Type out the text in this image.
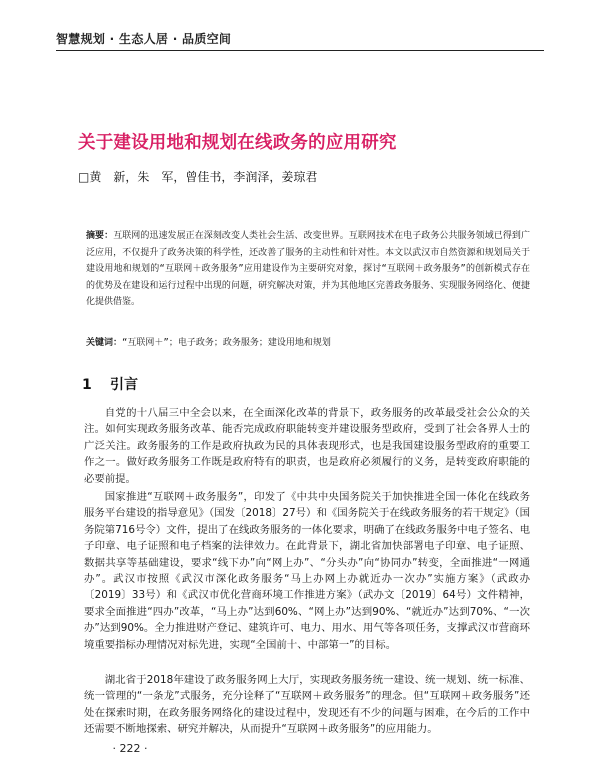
智慧规划 · 生态人居 · 品质空间
关于建设用地和规划在线政务的应用研究
□黄　新，朱　军，曾佳书，李润泽，姜琼君
摘要：互联网的迅速发展正在深刻改变人类社会生活、改变世界。互联网技术在电子政务公共服务领域已得到广泛应用，不仅提升了政务决策的科学性，还改善了服务的主动性和针对性。本文以武汉市自然资源和规划局关于建设用地和规划的“互联网＋政务服务”应用建设作为主要研究对象，探讨“互联网＋政务服务”的创新模式存在的优势及在建设和运行过程中出现的问题，研究解决对策，并为其他地区完善政务服务、实现服务网络化、便捷化提供借鉴。
关键词：“互联网＋”；电子政务；政务服务；建设用地和规划
1 引言

自党的十八届三中全会以来，在全面深化改革的背景下，政务服务的改革最受社会公众的关注。如何实现政务服务改革、能否完成政府职能转变并建设服务型政府，受到了社会各界人士的广泛关注。政务服务的工作是政府执政为民的具体表现形式，也是我国建设服务型政府的重要工作之一。做好政务服务工作既是政府特有的职责，也是政府必须履行的义务，是转变政府职能的必要前提。

国家推进“互联网＋政务服务”，印发了《中共中央国务院关于加快推进全国一体化在线政务服务平台建设的指导意见》（国发〔2018〕27号）和《国务院关于在线政务服务的若干规定》（国务院第716号令）文件，提出了在线政务服务的一体化要求，明确了在线政务服务中电子签名、电子印章、电子证照和电子档案的法律效力。在此背景下，湖北省加快部署电子印章、电子证照、数据共享等基础建设，要求“线下办”向“网上办”、“分头办”向“协同办”转变，全面推进“一网通办”。武汉市按照《武汉市深化政务服务“马上办网上办就近办一次办”实施方案》（武政办〔2019〕33号）和《武汉市优化营商环境工作推进方案》（武办文〔2019〕64号）文件精神，要求全面推进“四办”改革，“马上办”达到60%、“网上办”达到90%、“就近办”达到70%、“一次办”达到90%。全力推进财产登记、建筑许可、电力、用水、用气等各项任务，支撑武汉市营商环境重要指标办理情况对标先进，实现“全国前十、中部第一”的目标。

湖北省于2018年建设了政务服务网上大厅，实现政务服务统一建设、统一规划、统一标准、统一管理的“一条龙”式服务，充分诠释了“互联网＋政务服务”的理念。但“互联网＋政务服务”还处在探索时期，在政务服务网络化的建设过程中，发现还有不少的问题与困难，在今后的工作中还需要不断地探索、研究并解决，从而提升“互联网＋政务服务”的应用能力。

· 222 ·
